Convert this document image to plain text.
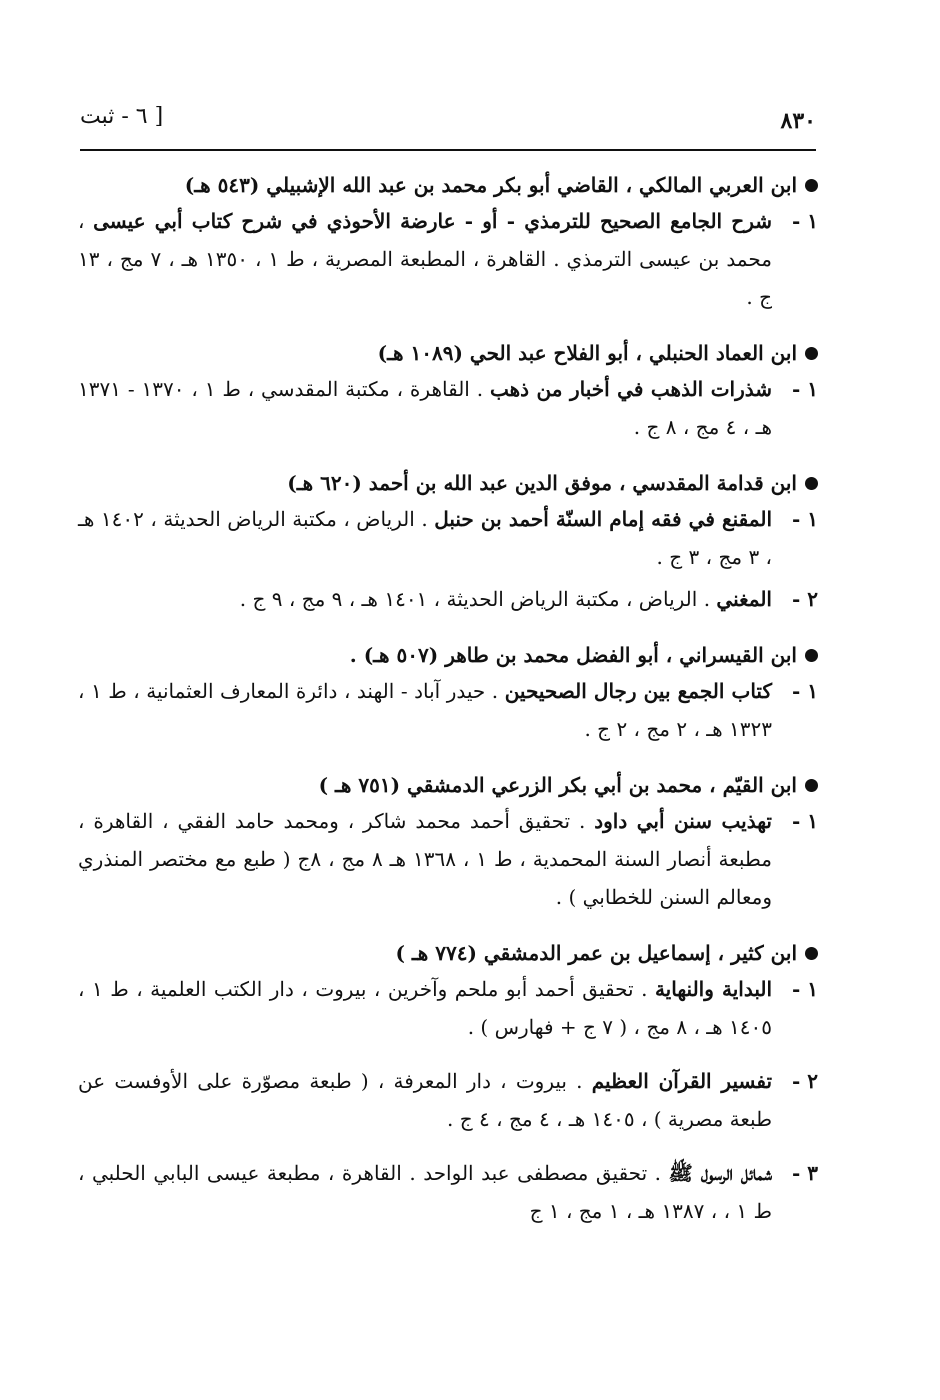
٨٣٠
[ ٦ - ثبت
ابن العربي المالكي ، القاضي أبو بكر محمد بن عبد الله الإشبيلي (٥٤٣ هـ)
١ -
شرح الجامع الصحيح للترمذي - أو - عارضة الأحوذي في شرح كتاب أبي عيسى ، محمد بن عيسى الترمذي . القاهرة ، المطبعة المصرية ، ط ١ ، ١٣٥٠ هـ ، ٧ مج ، ١٣ ج .
ابن العماد الحنبلي ، أبو الفلاح عبد الحي (١٠٨٩ هـ)
١ -
شذرات الذهب في أخبار من ذهب . القاهرة ، مكتبة المقدسي ، ط ١ ، ١٣٧٠ - ١٣٧١ هـ ، ٤ مج ، ٨ ج .
ابن قدامة المقدسي ، موفق الدين عبد الله بن أحمد (٦٢٠ هـ)
١ -
المقنع في فقه إمام السنّة أحمد بن حنبل . الرياض ، مكتبة الرياض الحديثة ، ١٤٠٢ هـ ، ٣ مج ، ٣ ج .
٢ -
المغني . الرياض ، مكتبة الرياض الحديثة ، ١٤٠١ هـ ، ٩ مج ، ٩ ج .
ابن القيسراني ، أبو الفضل محمد بن طاهر (٥٠٧ هـ) .
١ -
كتاب الجمع بين رجال الصحيحين . حيدر آباد - الهند ، دائرة المعارف العثمانية ، ط ١ ، ١٣٢٣ هـ ، ٢ مج ، ٢ ج .
ابن القيّم ، محمد بن أبي بكر الزرعي الدمشقي (٧٥١ هـ )
١ -
تهذيب سنن أبي داود . تحقيق أحمد محمد شاكر ، ومحمد حامد الفقي ، القاهرة ، مطبعة أنصار السنة المحمدية ، ط ١ ، ١٣٦٨ هـ ٨ مج ، ٨ج ( طبع مع مختصر المنذري ومعالم السنن للخطابي ) .
ابن كثير ، إسماعيل بن عمر الدمشقي (٧٧٤ هـ )
١ -
البداية والنهاية . تحقيق أحمد أبو ملحم وآخرين ، بيروت ، دار الكتب العلمية ، ط ١ ، ١٤٠٥ هـ ، ٨ مج ، ( ٧ ج + فهارس ) .
٢ -
تفسير القرآن العظيم . بيروت ، دار المعرفة ، ( طبعة مصوّرة على الأوفست عن طبعة مصرية ) ، ١٤٠٥ هـ ، ٤ مج ، ٤ ج .
٣ -
شمائل الرسول ﷺ . تحقيق مصطفى عبد الواحد . القاهرة ، مطبعة عيسى البابي الحلبي ، ط ١ ، ، ١٣٨٧ هـ ، ١ مج ، ١ ج
